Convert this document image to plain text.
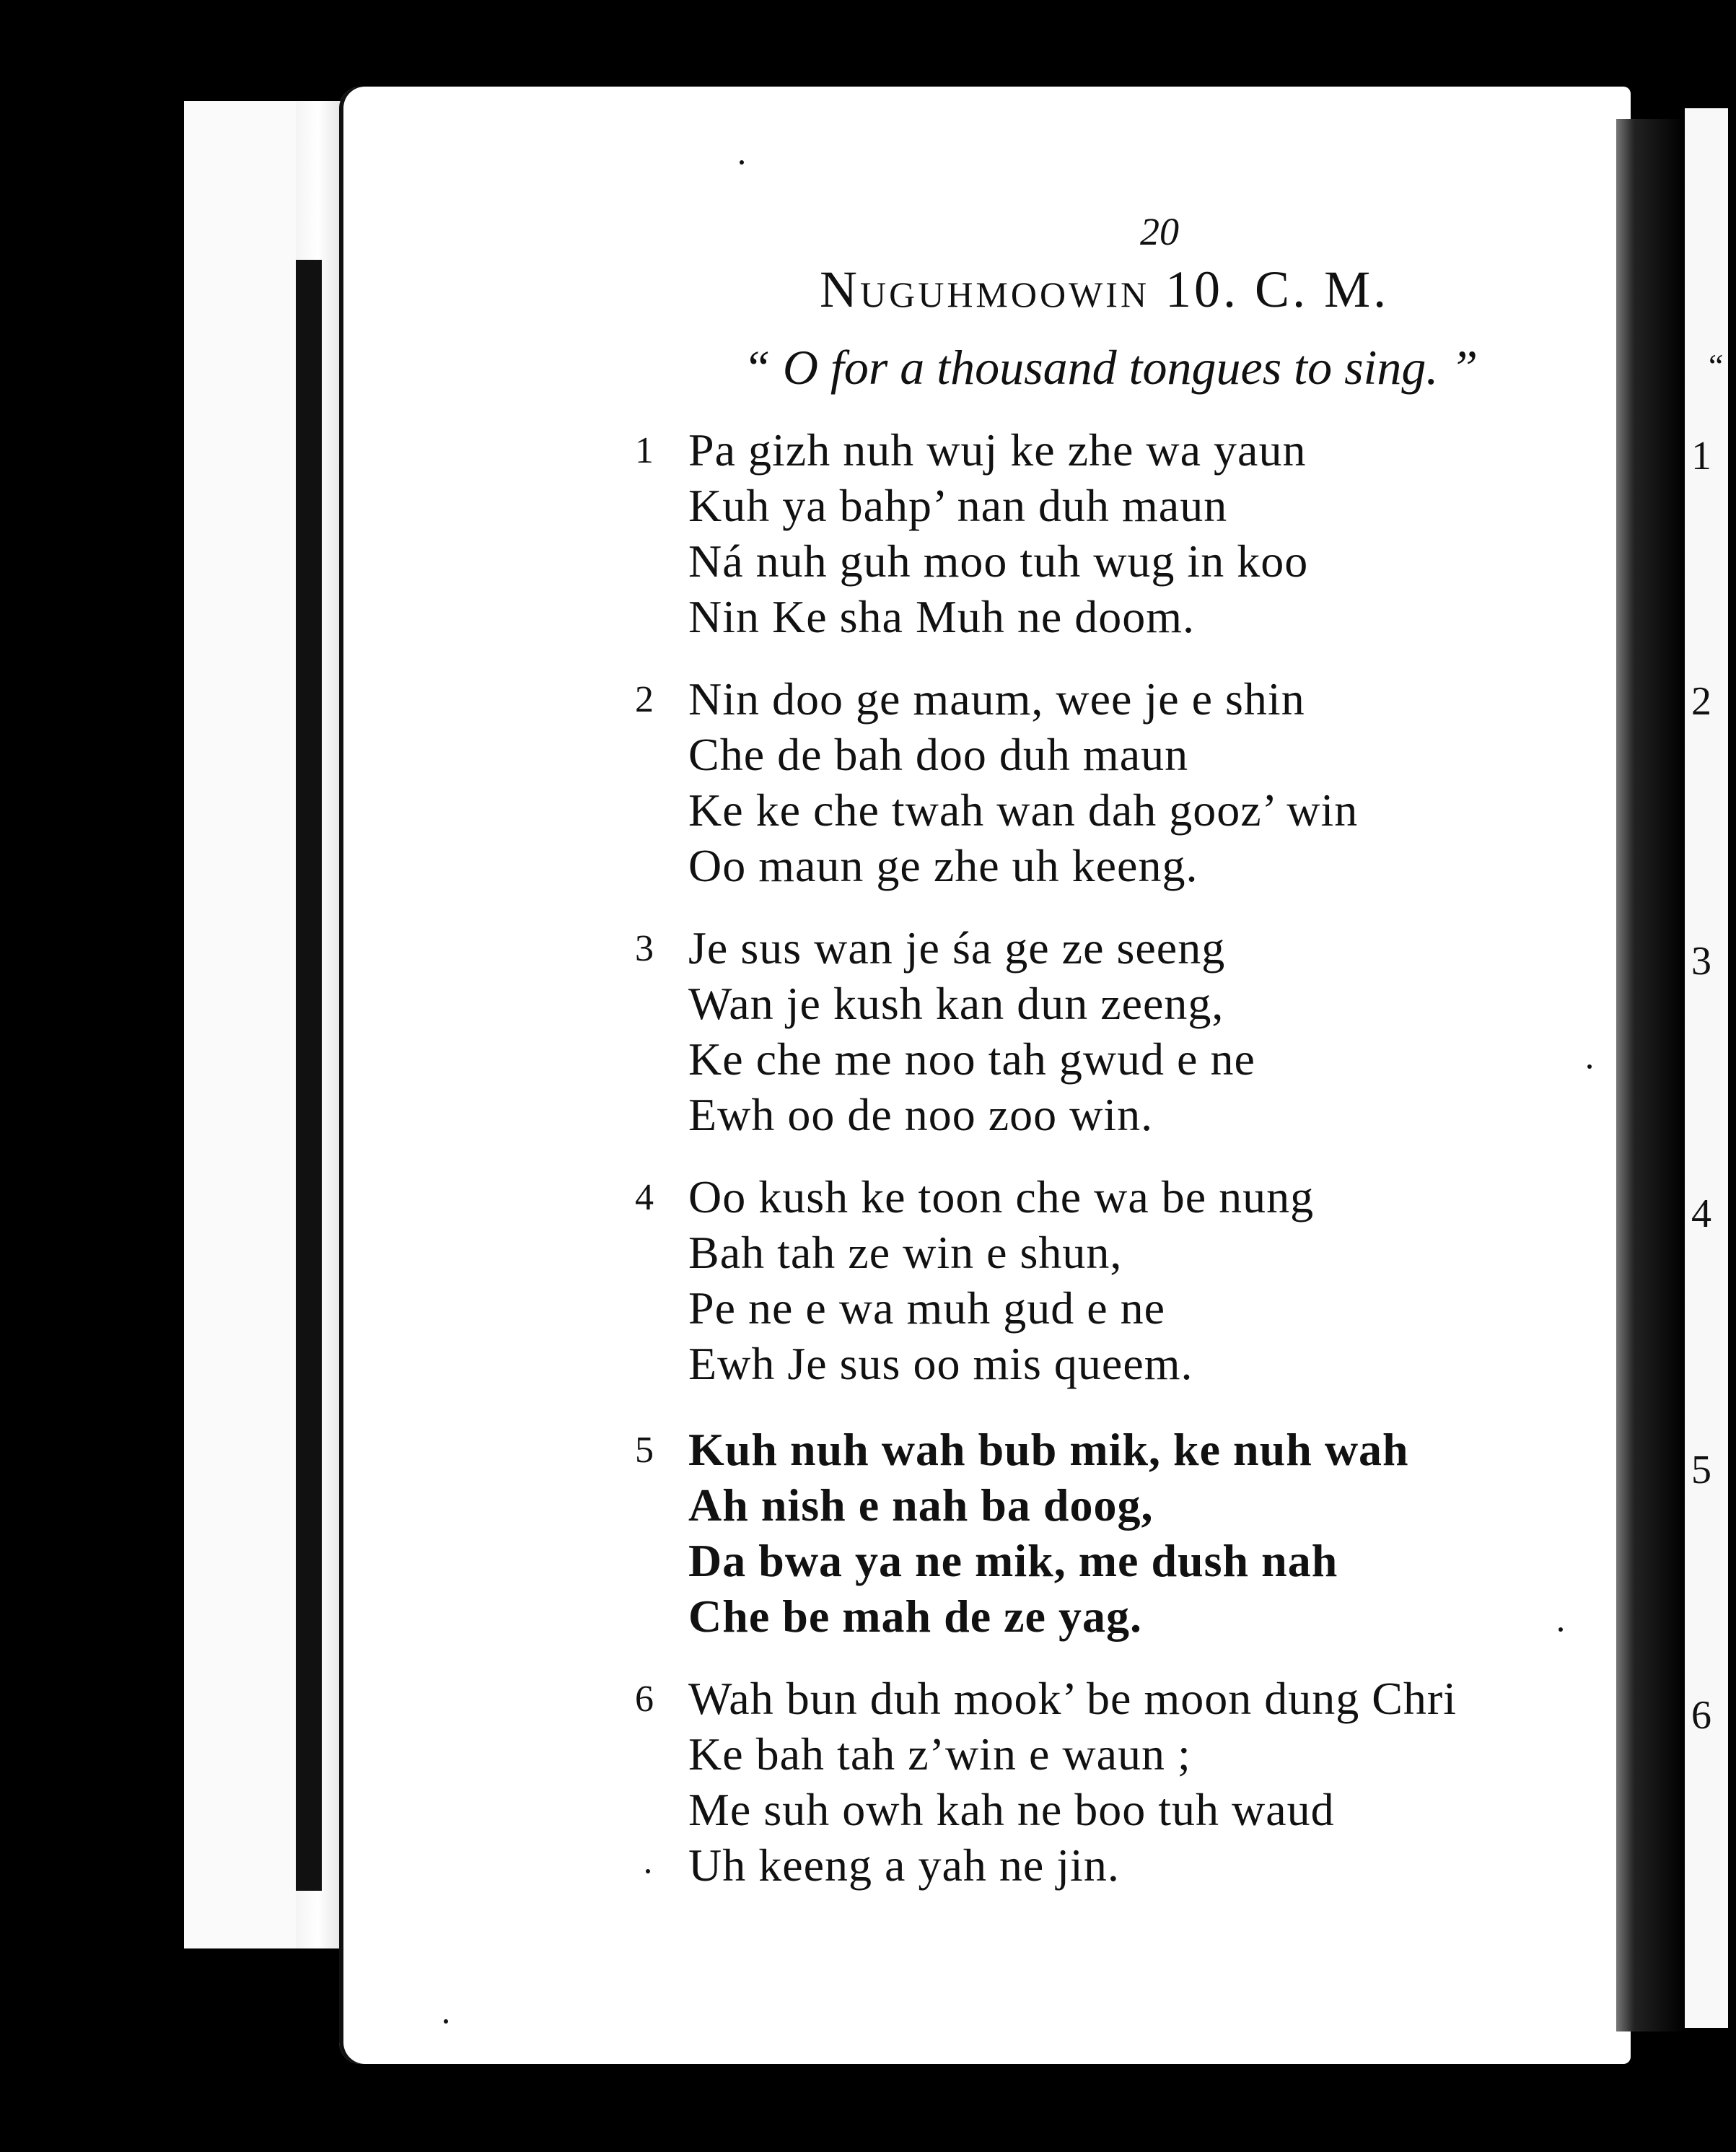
“
1
2
3
4
5
6
20
Nuguhmoowin 10. C. M.
“ O for a thousand tongues to sing. ”
1 Pa gizh nuh wuj ke zhe wa yaun
Kuh ya bahp’ nan duh maun
Ná nuh guh moo tuh wug in koo
Nin Ke sha Muh ne doom.
2 Nin doo ge maum, wee je e shin
Che de bah doo duh maun
Ke ke che twah wan dah gooz’ win
Oo maun ge zhe uh keeng.
3 Je sus wan je śa ge ze seeng
Wan je kush kan dun zeeng,
Ke che me noo tah gwud e ne
Ewh oo de noo zoo win.
4 Oo kush ke toon che wa be nung
Bah tah ze win e shun,
Pe ne e wa muh gud e ne
Ewh Je sus oo mis queem.
5 Kuh nuh wah bub mik, ke nuh wah
Ah nish e nah ba doog,
Da bwa ya ne mik, me dush nah
Che be mah de ze yag.
6 Wah bun duh mook’ be moon dung Chri
Ke bah tah z’win e waun ;
Me suh owh kah ne boo tuh waud
Uh keeng a yah ne jin.
